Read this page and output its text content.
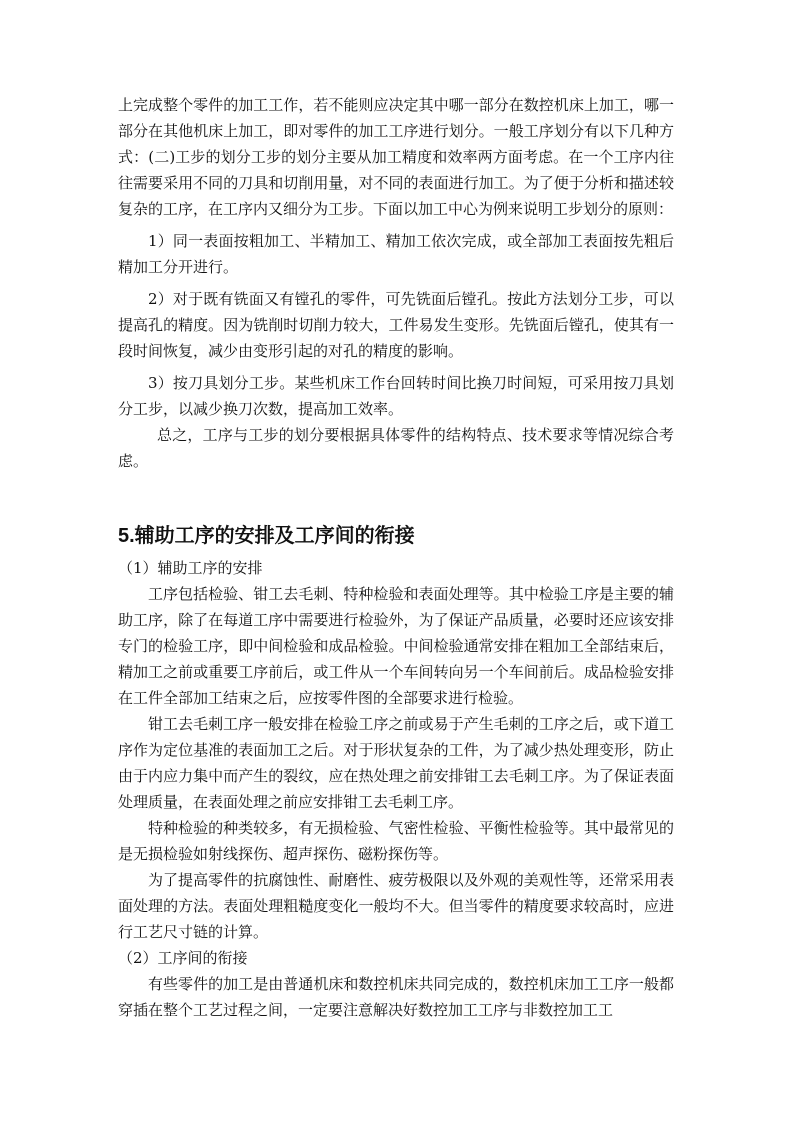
上完成整个零件的加工工作，若不能则应决定其中哪一部分在数控机床上加工，哪一部分在其他机床上加工，即对零件的加工工序进行划分。一般工序划分有以下几种方式：(二)工步的划分工步的划分主要从加工精度和效率两方面考虑。在一个工序内往往需要采用不同的刀具和切削用量，对不同的表面进行加工。为了便于分析和描述较复杂的工序，在工序内又细分为工步。下面以加工中心为例来说明工步划分的原则：

1）同一表面按粗加工、半精加工、精加工依次完成，或全部加工表面按先粗后精加工分开进行。

2）对于既有铣面又有镗孔的零件，可先铣面后镗孔。按此方法划分工步，可以提高孔的精度。因为铣削时切削力较大，工件易发生变形。先铣面后镗孔，使其有一段时间恢复，减少由变形引起的对孔的精度的影响。

3）按刀具划分工步。某些机床工作台回转时间比换刀时间短，可采用按刀具划分工步，以减少换刀次数，提高加工效率。

总之，工序与工步的划分要根据具体零件的结构特点、技术要求等情况综合考虑。

5.辅助工序的安排及工序间的衔接

（1）辅助工序的安排

工序包括检验、钳工去毛刺、特种检验和表面处理等。其中检验工序是主要的辅助工序，除了在每道工序中需要进行检验外，为了保证产品质量，必要时还应该安排专门的检验工序，即中间检验和成品检验。中间检验通常安排在粗加工全部结束后，精加工之前或重要工序前后，或工件从一个车间转向另一个车间前后。成品检验安排在工件全部加工结束之后，应按零件图的全部要求进行检验。

钳工去毛刺工序一般安排在检验工序之前或易于产生毛刺的工序之后，或下道工序作为定位基准的表面加工之后。对于形状复杂的工件，为了减少热处理变形，防止由于内应力集中而产生的裂纹，应在热处理之前安排钳工去毛刺工序。为了保证表面处理质量，在表面处理之前应安排钳工去毛刺工序。

特种检验的种类较多，有无损检验、气密性检验、平衡性检验等。其中最常见的是无损检验如射线探伤、超声探伤、磁粉探伤等。

为了提高零件的抗腐蚀性、耐磨性、疲劳极限以及外观的美观性等，还常采用表面处理的方法。表面处理粗糙度变化一般均不大。但当零件的精度要求较高时，应进行工艺尺寸链的计算。

（2）工序间的衔接

有些零件的加工是由普通机床和数控机床共同完成的，数控机床加工工序一般都穿插在整个工艺过程之间，一定要注意解决好数控加工工序与非数控加工工
